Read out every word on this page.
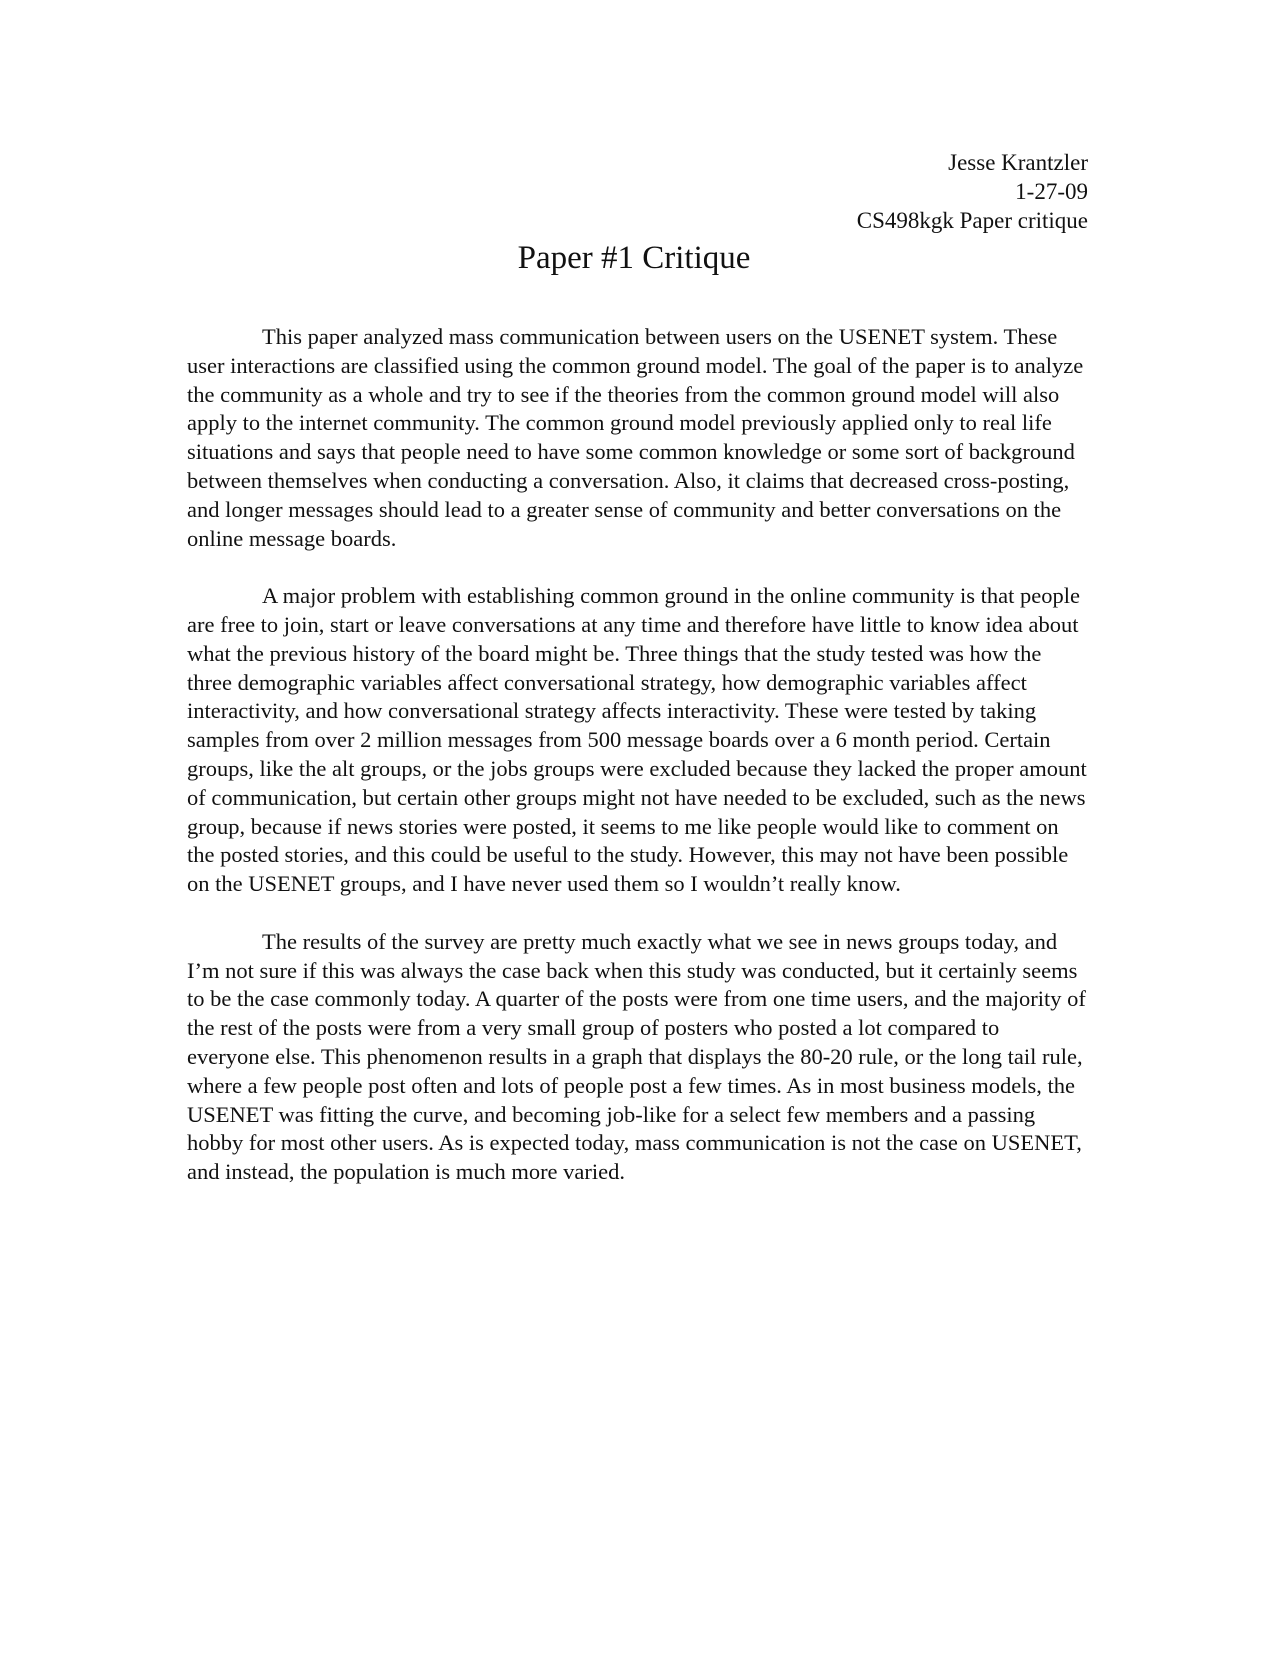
Jesse Krantzler
1-27-09
CS498kgk Paper critique
Paper #1 Critique

This paper analyzed mass communication between users on the USENET system. These user interactions are classified using the common ground model. The goal of the paper is to analyze the community as a whole and try to see if the theories from the common ground model will also apply to the internet community. The common ground model previously applied only to real life situations and says that people need to have some common knowledge or some sort of background between themselves when conducting a conversation. Also, it claims that decreased cross-posting, and longer messages should lead to a greater sense of community and better conversations on the online message boards.

A major problem with establishing common ground in the online community is that people are free to join, start or leave conversations at any time and therefore have little to know idea about what the previous history of the board might be. Three things that the study tested was how the three demographic variables affect conversational strategy, how demographic variables affect interactivity, and how conversational strategy affects interactivity. These were tested by taking samples from over 2 million messages from 500 message boards over a 6 month period. Certain groups, like the alt groups, or the jobs groups were excluded because they lacked the proper amount of communication, but certain other groups might not have needed to be excluded, such as the news group, because if news stories were posted, it seems to me like people would like to comment on the posted stories, and this could be useful to the study. However, this may not have been possible on the USENET groups, and I have never used them so I wouldn’t really know.

The results of the survey are pretty much exactly what we see in news groups today, and I’m not sure if this was always the case back when this study was conducted, but it certainly seems to be the case commonly today. A quarter of the posts were from one time users, and the majority of the rest of the posts were from a very small group of posters who posted a lot compared to everyone else. This phenomenon results in a graph that displays the 80-20 rule, or the long tail rule, where a few people post often and lots of people post a few times. As in most business models, the USENET was fitting the curve, and becoming job-like for a select few members and a passing hobby for most other users. As is expected today, mass communication is not the case on USENET, and instead, the population is much more varied.
